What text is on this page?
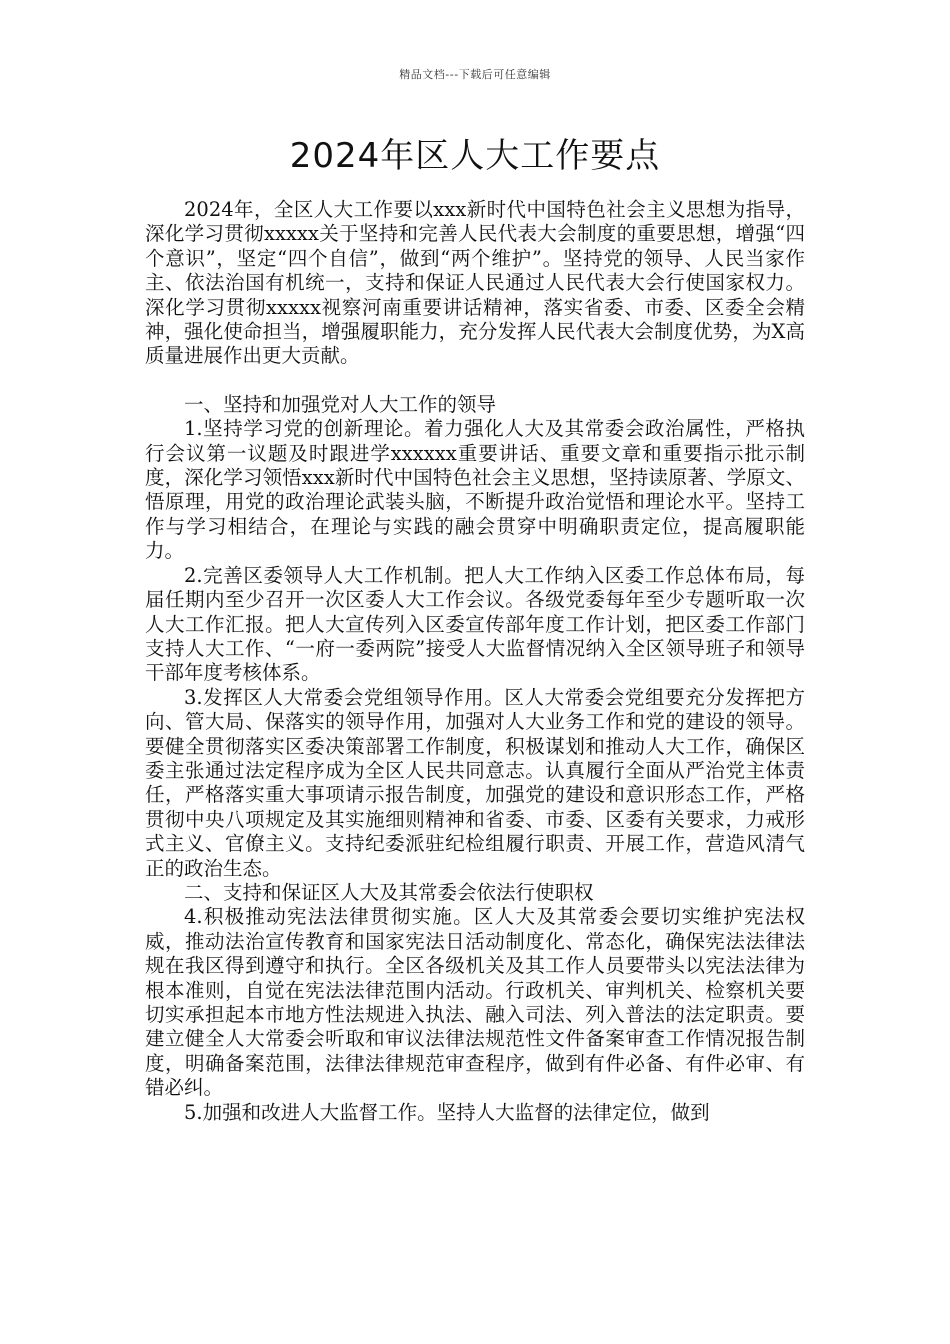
精品文档---下载后可任意编辑
2024年区人大工作要点

2024年，全区人大工作要以xxx新时代中国特色社会主义思想为指导，深化学习贯彻xxxxx关于坚持和完善人民代表大会制度的重要思想，增强“四个意识”，坚定“四个自信”，做到“两个维护”。坚持党的领导、人民当家作主、依法治国有机统一，支持和保证人民通过人民代表大会行使国家权力。深化学习贯彻xxxxx视察河南重要讲话精神，落实省委、市委、区委全会精神，强化使命担当，增强履职能力，充分发挥人民代表大会制度优势，为X高质量进展作出更大贡献。

一、坚持和加强党对人大工作的领导

1.坚持学习党的创新理论。着力强化人大及其常委会政治属性，严格执行会议第一议题及时跟进学xxxxxx重要讲话、重要文章和重要指示批示制度，深化学习领悟xxx新时代中国特色社会主义思想，坚持读原著、学原文、悟原理，用党的政治理论武装头脑，不断提升政治觉悟和理论水平。坚持工作与学习相结合，在理论与实践的融会贯穿中明确职责定位，提高履职能力。

2.完善区委领导人大工作机制。把人大工作纳入区委工作总体布局，每届任期内至少召开一次区委人大工作会议。各级党委每年至少专题听取一次人大工作汇报。把人大宣传列入区委宣传部年度工作计划，把区委工作部门支持人大工作、“一府一委两院”接受人大监督情况纳入全区领导班子和领导干部年度考核体系。

3.发挥区人大常委会党组领导作用。区人大常委会党组要充分发挥把方向、管大局、保落实的领导作用，加强对人大业务工作和党的建设的领导。要健全贯彻落实区委决策部署工作制度，积极谋划和推动人大工作，确保区委主张通过法定程序成为全区人民共同意志。认真履行全面从严治党主体责任，严格落实重大事项请示报告制度，加强党的建设和意识形态工作，严格贯彻中央八项规定及其实施细则精神和省委、市委、区委有关要求，力戒形式主义、官僚主义。支持纪委派驻纪检组履行职责、开展工作，营造风清气正的政治生态。

二、支持和保证区人大及其常委会依法行使职权

4.积极推动宪法法律贯彻实施。区人大及其常委会要切实维护宪法权威，推动法治宣传教育和国家宪法日活动制度化、常态化，确保宪法法律法规在我区得到遵守和执行。全区各级机关及其工作人员要带头以宪法法律为根本准则，自觉在宪法法律范围内活动。行政机关、审判机关、检察机关要切实承担起本市地方性法规进入执法、融入司法、列入普法的法定职责。要建立健全人大常委会听取和审议法律法规范性文件备案审查工作情况报告制度，明确备案范围，法律法律规范审查程序，做到有件必备、有件必审、有错必纠。

5.加强和改进人大监督工作。坚持人大监督的法律定位，做到
